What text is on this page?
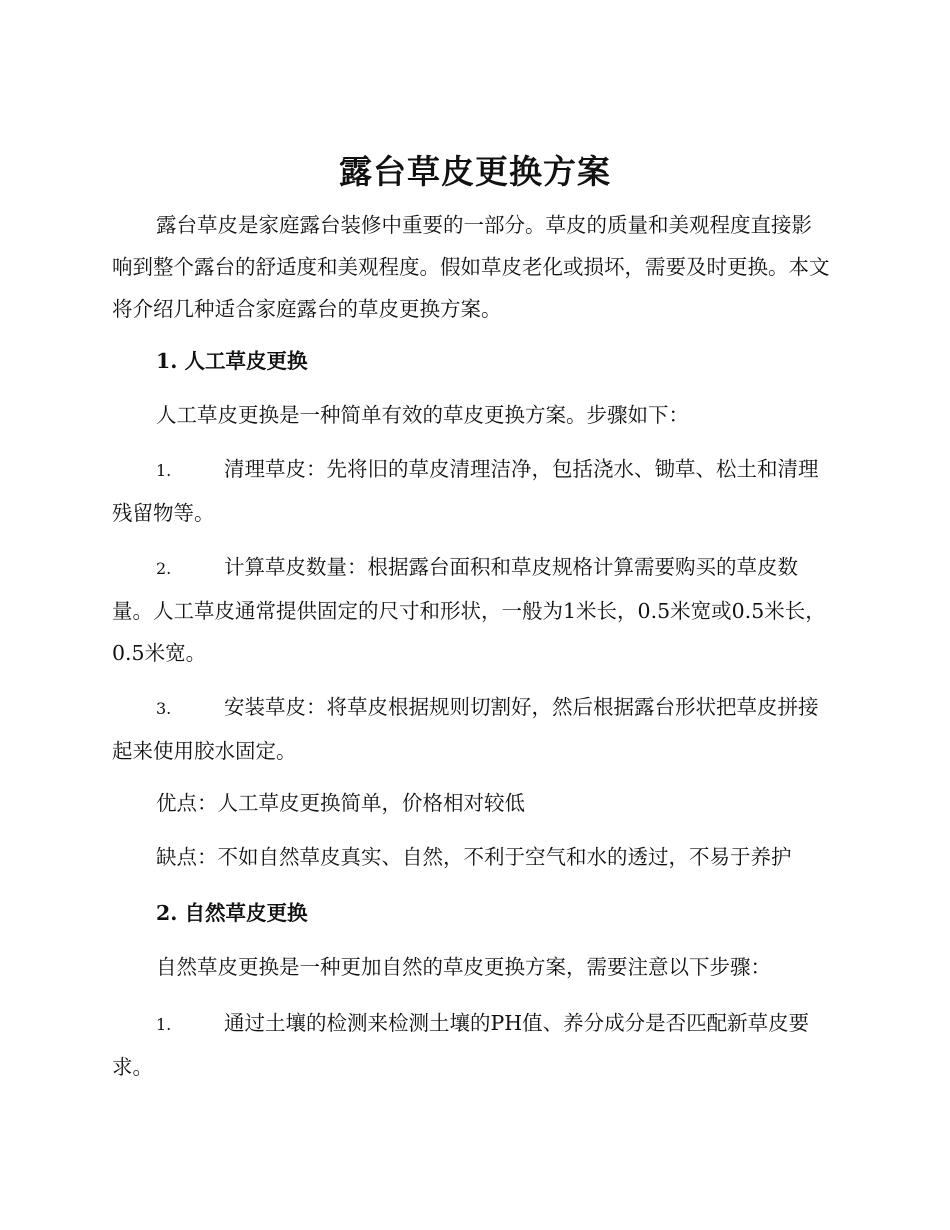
露台草皮更换方案

露台草皮是家庭露台装修中重要的一部分。草皮的质量和美观程度直接影响到整个露台的舒适度和美观程度。假如草皮老化或损坏，需要及时更换。本文将介绍几种适合家庭露台的草皮更换方案。

1. 人工草皮更换

人工草皮更换是一种简单有效的草皮更换方案。步骤如下：

1.	清理草皮：先将旧的草皮清理洁净，包括浇水、锄草、松土和清理残留物等。

2.	计算草皮数量：根据露台面积和草皮规格计算需要购买的草皮数量。人工草皮通常提供固定的尺寸和形状，一般为1米长，0.5米宽或0.5米长，0.5米宽。

3.	安装草皮：将草皮根据规则切割好，然后根据露台形状把草皮拼接起来使用胶水固定。

优点：人工草皮更换简单，价格相对较低

缺点：不如自然草皮真实、自然，不利于空气和水的透过，不易于养护

2. 自然草皮更换

自然草皮更换是一种更加自然的草皮更换方案，需要注意以下步骤：

1.	通过土壤的检测来检测土壤的PH值、养分成分是否匹配新草皮要求。
